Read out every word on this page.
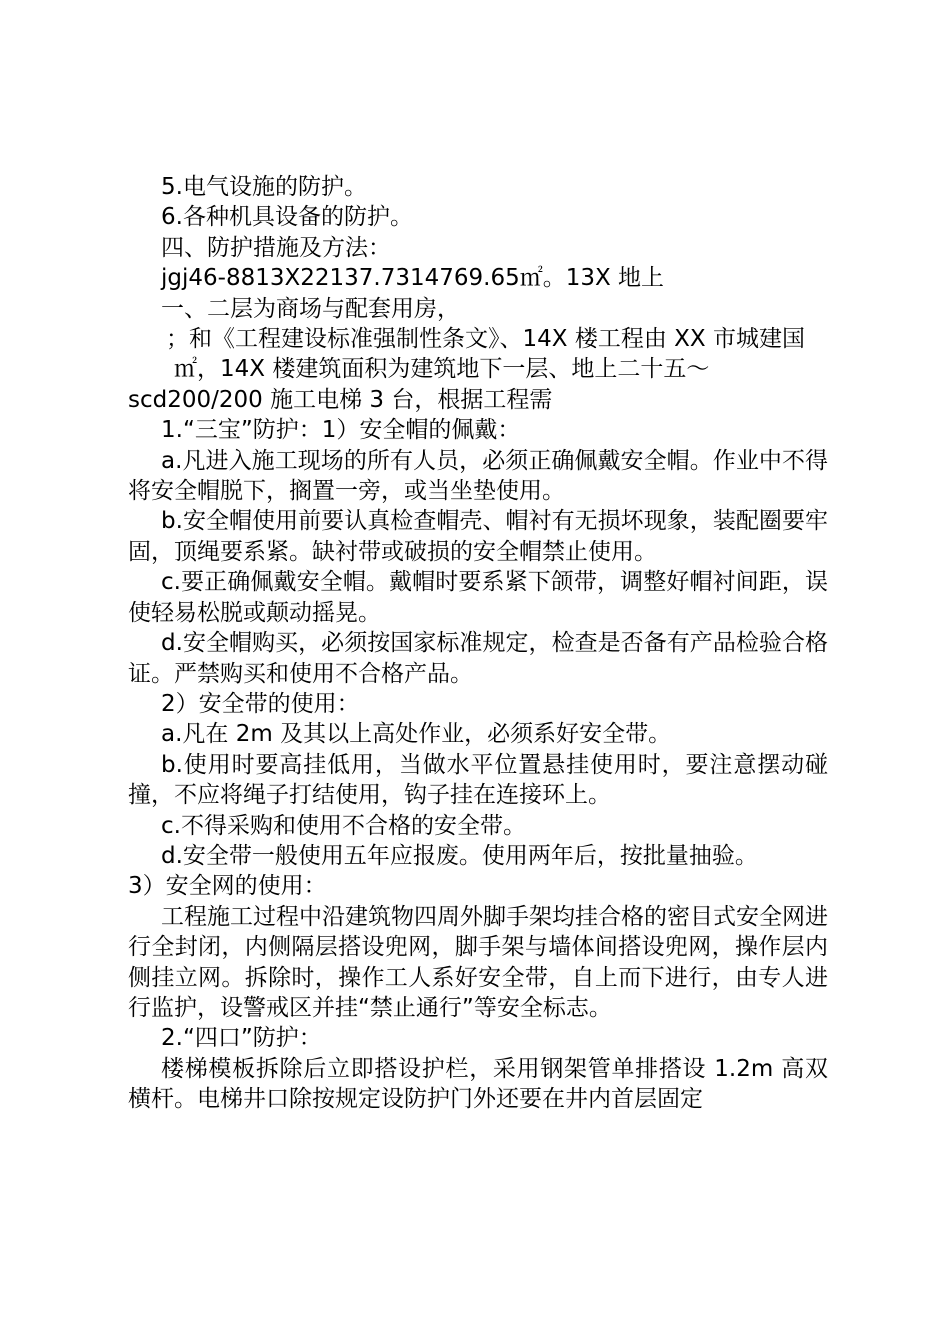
5.电气设施的防护。
6.各种机具设备的防护。
四、防护措施及方法：
jgj46-8813X22137.7314769.65㎡。13X 地上
一、二层为商场与配套用房，
；和《工程建设标准强制性条文》、14X 楼工程由 XX 市城建国
㎡，14X 楼建筑面积为建筑地下一层、地上二十五～
scd200/200 施工电梯 3 台，根据工程需
1.“三宝”防护：1）安全帽的佩戴：
a.凡进入施工现场的所有人员，必须正确佩戴安全帽。作业中不得将安全帽脱下，搁置一旁，或当坐垫使用。
b.安全帽使用前要认真检查帽壳、帽衬有无损坏现象，装配圈要牢固，顶绳要系紧。缺衬带或破损的安全帽禁止使用。
c.要正确佩戴安全帽。戴帽时要系紧下颌带，调整好帽衬间距，误使轻易松脱或颠动摇晃。
d.安全帽购买，必须按国家标准规定，检查是否备有产品检验合格证。严禁购买和使用不合格产品。
2）安全带的使用：
a.凡在 2m 及其以上高处作业，必须系好安全带。
b.使用时要高挂低用，当做水平位置悬挂使用时，要注意摆动碰撞，不应将绳子打结使用，钩子挂在连接环上。
c.不得采购和使用不合格的安全带。
d.安全带一般使用五年应报废。使用两年后，按批量抽验。
3）安全网的使用：
工程施工过程中沿建筑物四周外脚手架均挂合格的密目式安全网进行全封闭，内侧隔层搭设兜网，脚手架与墙体间搭设兜网，操作层内侧挂立网。拆除时，操作工人系好安全带，自上而下进行，由专人进行监护，设警戒区并挂“禁止通行”等安全标志。
2.“四口”防护：
楼梯模板拆除后立即搭设护栏，采用钢架管单排搭设 1.2m 高双横杆。电梯井口除按规定设防护门外还要在井内首层固定
